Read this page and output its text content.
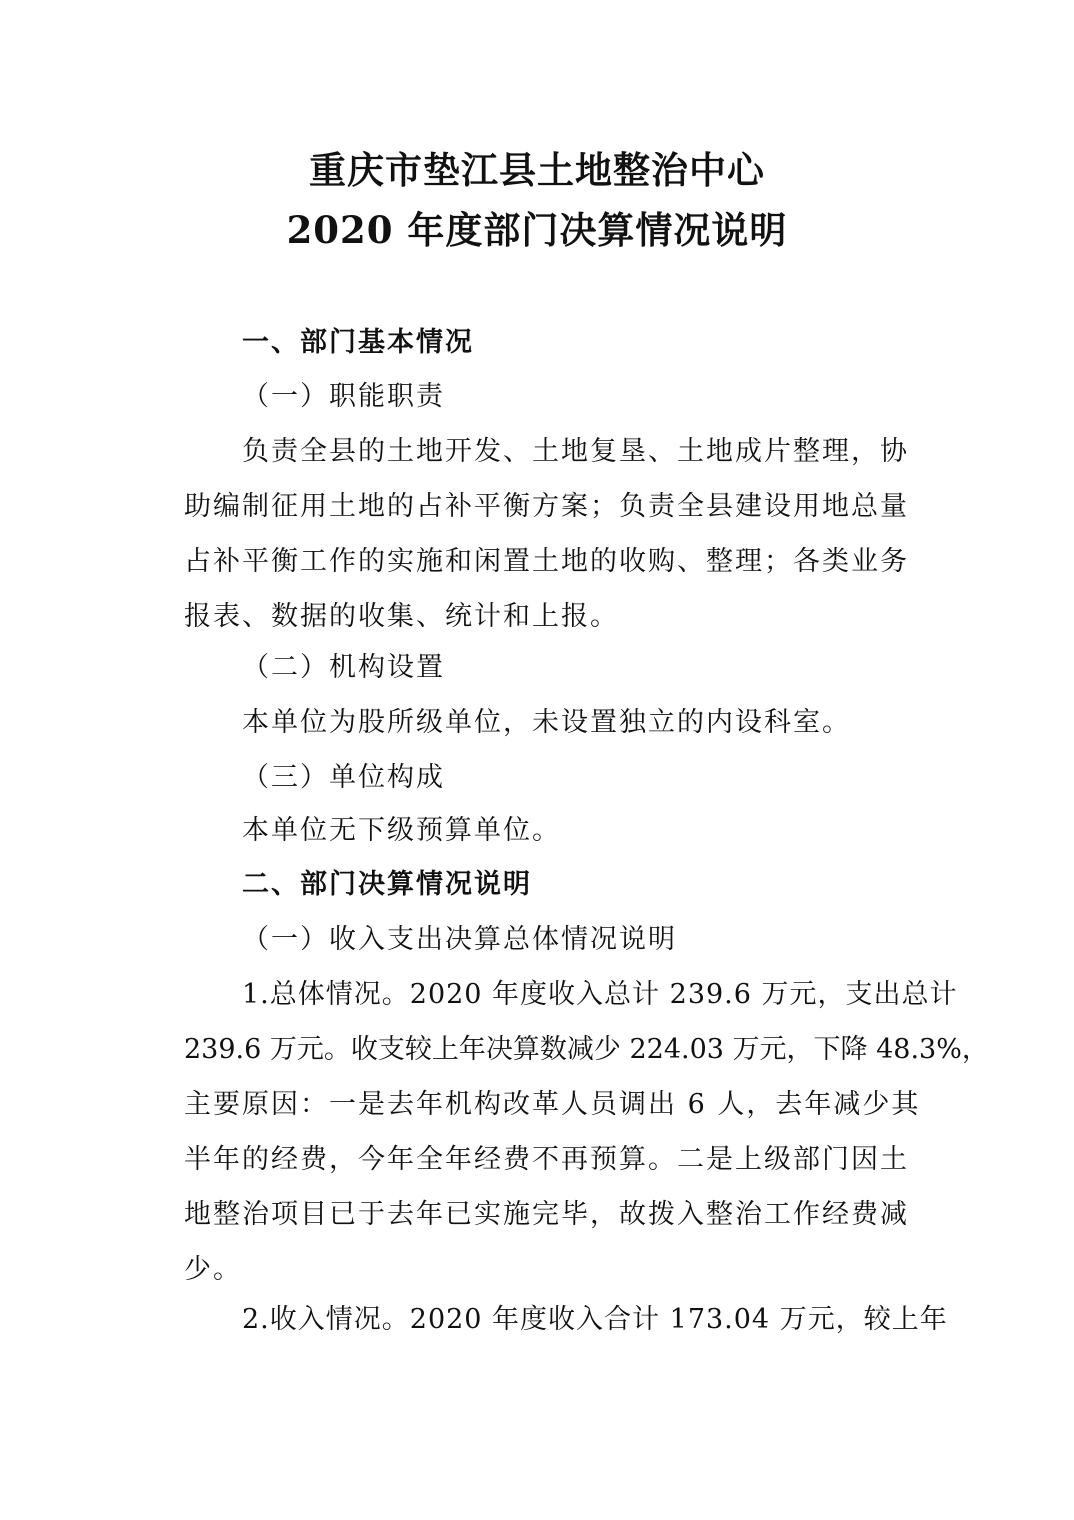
重庆市垫江县土地整治中心
2020 年度部门决算情况说明

一、部门基本情况

（一）职能职责

负责全县的土地开发、土地复垦、土地成片整理，协
助编制征用土地的占补平衡方案；负责全县建设用地总量
占补平衡工作的实施和闲置土地的收购、整理；各类业务
报表、数据的收集、统计和上报。

（二）机构设置

本单位为股所级单位，未设置独立的内设科室。

（三）单位构成

本单位无下级预算单位。

二、部门决算情况说明

（一）收入支出决算总体情况说明

1.总体情况。2020 年度收入总计 239.6 万元，支出总计
239.6 万元。收支较上年决算数减少 224.03 万元，下降 48.3%，
主要原因：一是去年机构改革人员调出 6 人，去年减少其
半年的经费，今年全年经费不再预算。二是上级部门因土
地整治项目已于去年已实施完毕，故拨入整治工作经费减
少。
2.收入情况。2020 年度收入合计 173.04 万元，较上年
